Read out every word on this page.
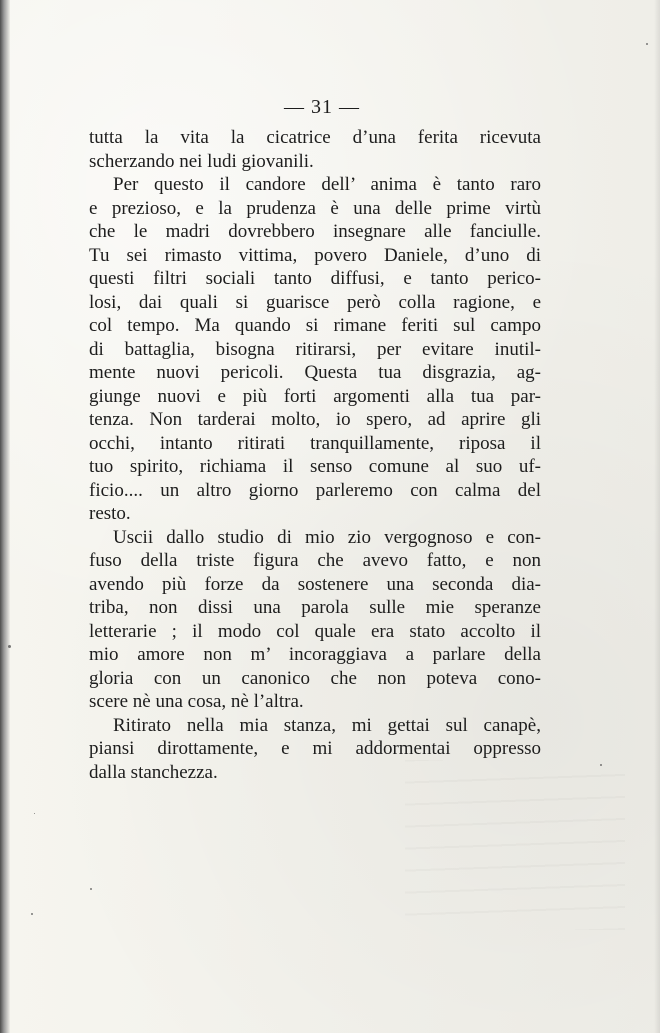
— 31 —
tutta la vita la cicatrice d’una ferita ricevuta
scherzando nei ludi giovanili.
Per questo il candore dell’ anima è tanto raro
e prezioso, e la prudenza è una delle prime virtù
che le madri dovrebbero insegnare alle fanciulle.
Tu sei rimasto vittima, povero Daniele, d’uno di
questi filtri sociali tanto diffusi, e tanto perico-
losi, dai quali si guarisce però colla ragione, e
col tempo. Ma quando si rimane feriti sul campo
di battaglia, bisogna ritirarsi, per evitare inutil-
mente nuovi pericoli. Questa tua disgrazia, ag-
giunge nuovi e più forti argomenti alla tua par-
tenza. Non tarderai molto, io spero, ad aprire gli
occhi, intanto ritirati tranquillamente, riposa il
tuo spirito, richiama il senso comune al suo uf-
ficio.... un altro giorno parleremo con calma del
resto.
Uscii dallo studio di mio zio vergognoso e con-
fuso della triste figura che avevo fatto, e non
avendo più forze da sostenere una seconda dia-
triba, non dissi una parola sulle mie speranze
letterarie ; il modo col quale era stato accolto il
mio amore non m’ incoraggiava a parlare della
gloria con un canonico che non poteva cono-
scere nè una cosa, nè l’altra.
Ritirato nella mia stanza, mi gettai sul canapè,
piansi dirottamente, e mi addormentai oppresso
dalla stanchezza.
